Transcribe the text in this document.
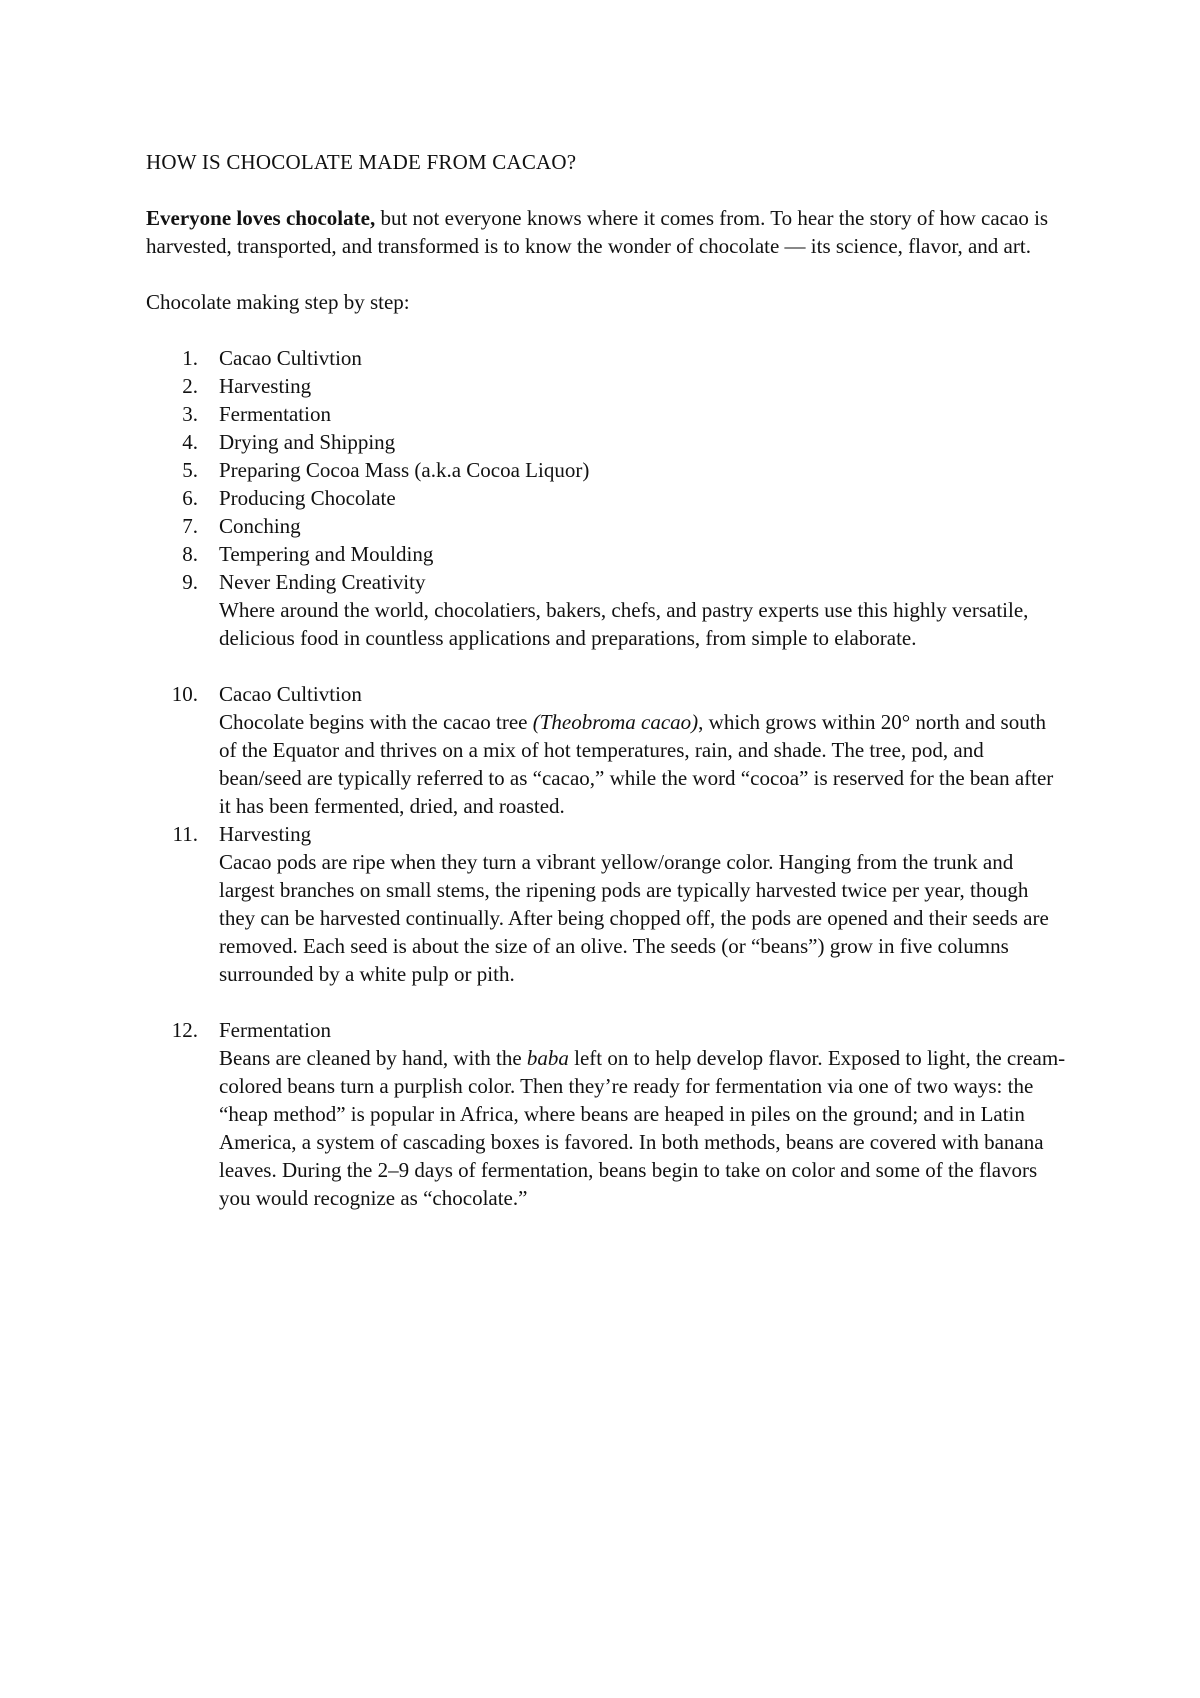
HOW IS CHOCOLATE MADE FROM CACAO?

Everyone loves chocolate, but not everyone knows where it comes from. To hear the story of how cacao is harvested, transported, and transformed is to know the wonder of chocolate — its science, flavor, and art.

Chocolate making step by step:

1. Cacao Cultivtion
2. Harvesting
3. Fermentation
4. Drying and Shipping
5. Preparing Cocoa Mass (a.k.a Cocoa Liquor)
6. Producing Chocolate
7. Conching
8. Tempering and Moulding
9. Never Ending Creativity
Where around the world, chocolatiers, bakers, chefs, and pastry experts use this highly versatile, delicious food in countless applications and preparations, from simple to elaborate.
10. Cacao Cultivtion
Chocolate begins with the cacao tree (Theobroma cacao), which grows within 20° north and south of the Equator and thrives on a mix of hot temperatures, rain, and shade. The tree, pod, and bean/seed are typically referred to as “cacao,” while the word “cocoa” is reserved for the bean after it has been fermented, dried, and roasted.
11. Harvesting
Cacao pods are ripe when they turn a vibrant yellow/orange color. Hanging from the trunk and largest branches on small stems, the ripening pods are typically harvested twice per year, though they can be harvested continually. After being chopped off, the pods are opened and their seeds are removed. Each seed is about the size of an olive. The seeds (or “beans”) grow in five columns surrounded by a white pulp or pith.
12. Fermentation
Beans are cleaned by hand, with the baba left on to help develop flavor. Exposed to light, the cream-colored beans turn a purplish color. Then they’re ready for fermentation via one of two ways: the “heap method” is popular in Africa, where beans are heaped in piles on the ground; and in Latin America, a system of cascading boxes is favored. In both methods, beans are covered with banana leaves. During the 2–9 days of fermentation, beans begin to take on color and some of the flavors you would recognize as “chocolate.”
